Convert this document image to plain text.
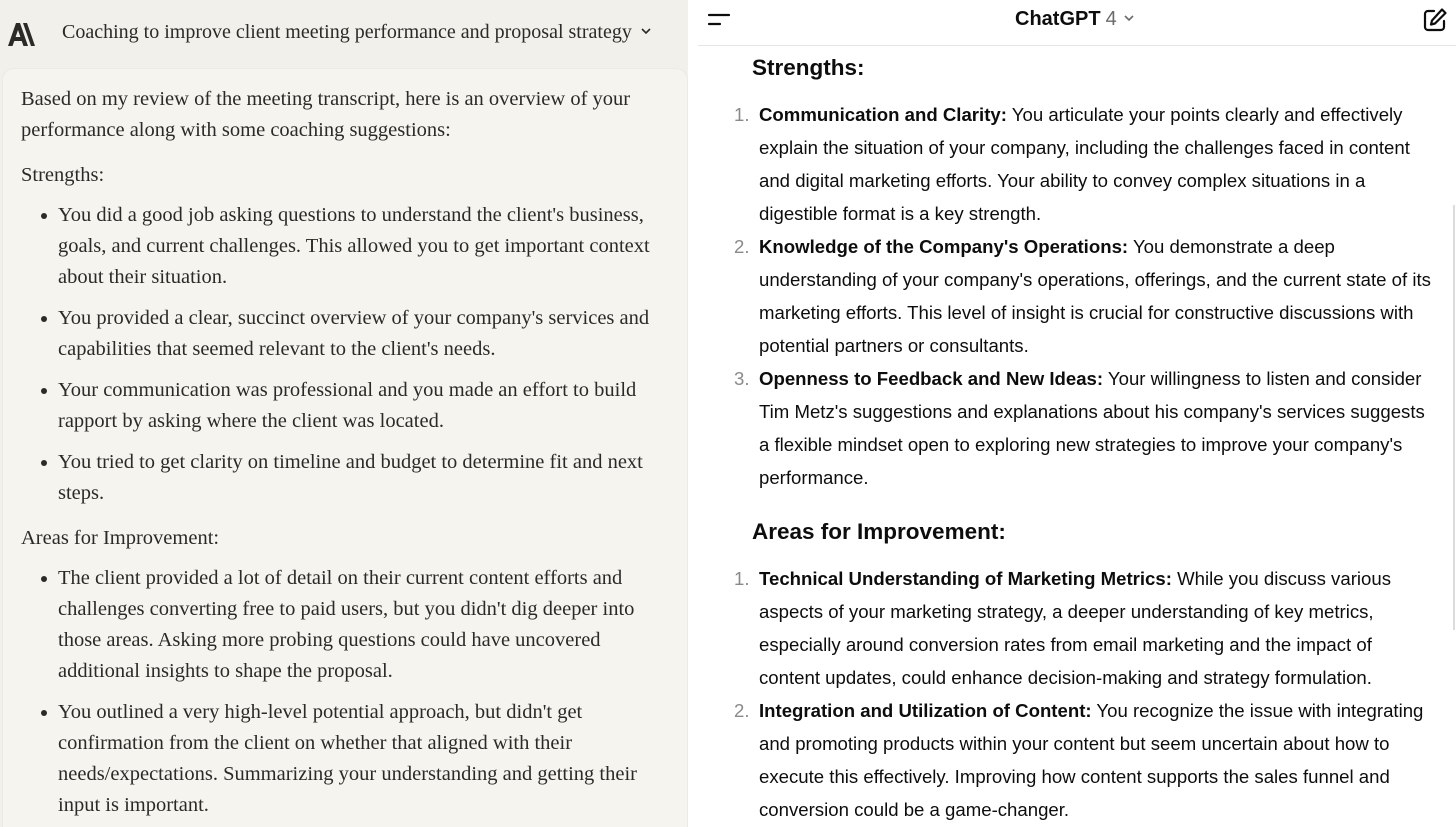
Coaching to improve client meeting performance and proposal strategy

Based on my review of the meeting transcript, here is an overview of your performance along with some coaching suggestions:

Strengths:

You did a good job asking questions to understand the client's business, goals, and current challenges. This allowed you to get important context about their situation.
You provided a clear, succinct overview of your company's services and capabilities that seemed relevant to the client's needs.
Your communication was professional and you made an effort to build rapport by asking where the client was located.
You tried to get clarity on timeline and budget to determine fit and next steps.

Areas for Improvement:

The client provided a lot of detail on their current content efforts and challenges converting free to paid users, but you didn't dig deeper into those areas. Asking more probing questions could have uncovered additional insights to shape the proposal.
You outlined a very high-level potential approach, but didn't get confirmation from the client on whether that aligned with their needs/expectations. Summarizing your understanding and getting their input is important.
ChatGPT 4
Strengths:
1. Communication and Clarity: You articulate your points clearly and effectively explain the situation of your company, including the challenges faced in content and digital marketing efforts. Your ability to convey complex situations in a digestible format is a key strength.
2. Knowledge of the Company's Operations: You demonstrate a deep understanding of your company's operations, offerings, and the current state of its marketing efforts. This level of insight is crucial for constructive discussions with potential partners or consultants.
3. Openness to Feedback and New Ideas: Your willingness to listen and consider Tim Metz's suggestions and explanations about his company's services suggests a flexible mindset open to exploring new strategies to improve your company's performance.
Areas for Improvement:
1. Technical Understanding of Marketing Metrics: While you discuss various aspects of your marketing strategy, a deeper understanding of key metrics, especially around conversion rates from email marketing and the impact of content updates, could enhance decision-making and strategy formulation.
2. Integration and Utilization of Content: You recognize the issue with integrating and promoting products within your content but seem uncertain about how to execute this effectively. Improving how content supports the sales funnel and conversion could be a game-changer.
